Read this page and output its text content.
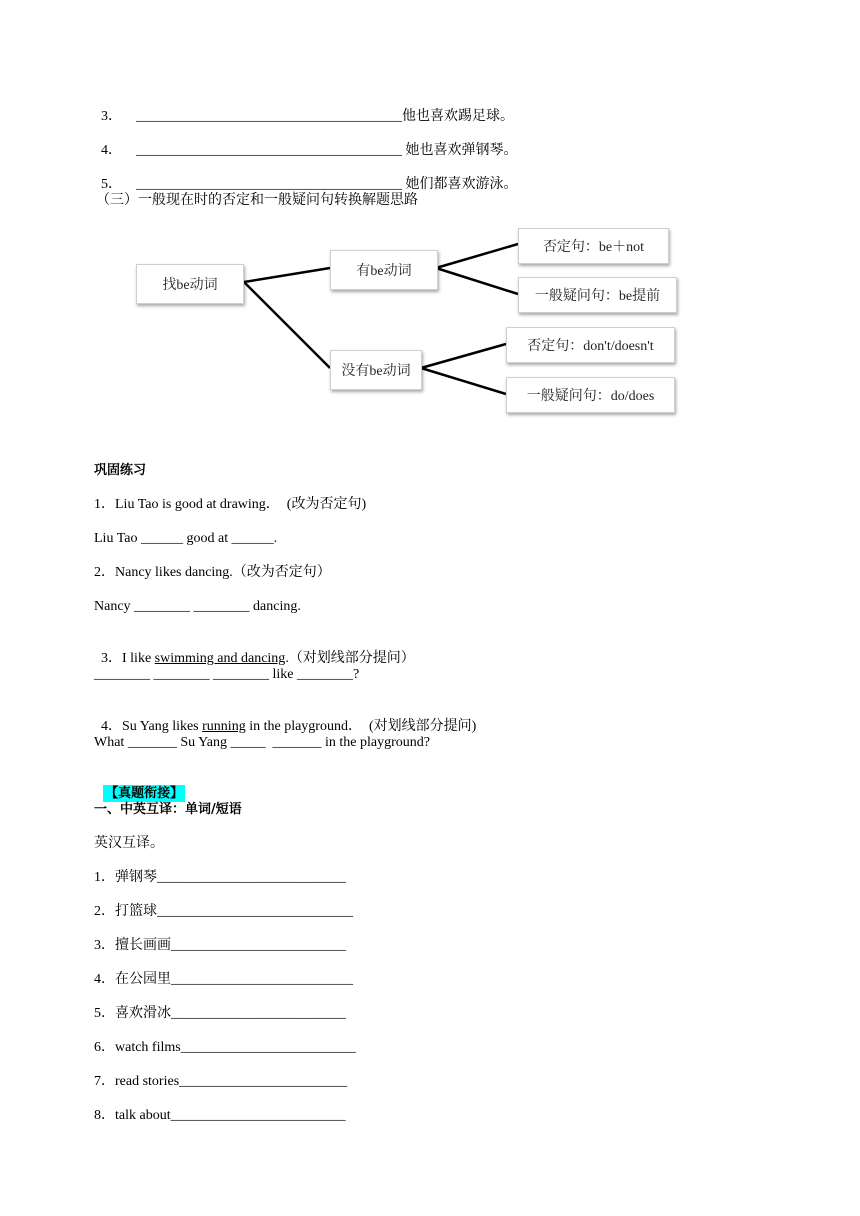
3． ______________________________________他也喜欢踢足球。

4． ______________________________________ 她也喜欢弹钢琴。

5． ______________________________________ 她们都喜欢游泳。

（三）一般现在时的否定和一般疑问句转换解题思路
找be动词
有be动词
没有be动词
否定句：be＋not
一般疑问句：be提前
否定句：don't/doesn't
一般疑问句：do/does
巩固练习
1．Liu Tao is good at drawing．  (改为否定句)
Liu Tao ______ good at ______.
2．Nancy likes dancing.（改为否定句）
Nancy ________ ________ dancing.

3．I like swimming and dancing.（对划线部分提问）

________ ________ ________ like ________?

4．Su Yang likes running in the playground．  (对划线部分提问)

What _______ Su Yang _____  _______ in the playground?

【真题衔接】

一、中英互译：单词/短语
英汉互译。
1．弹钢琴___________________________
2．打篮球____________________________
3．擅长画画_________________________
4．在公园里__________________________
5．喜欢滑冰_________________________
6．watch films_________________________
7．read stories________________________
8．talk about_________________________
